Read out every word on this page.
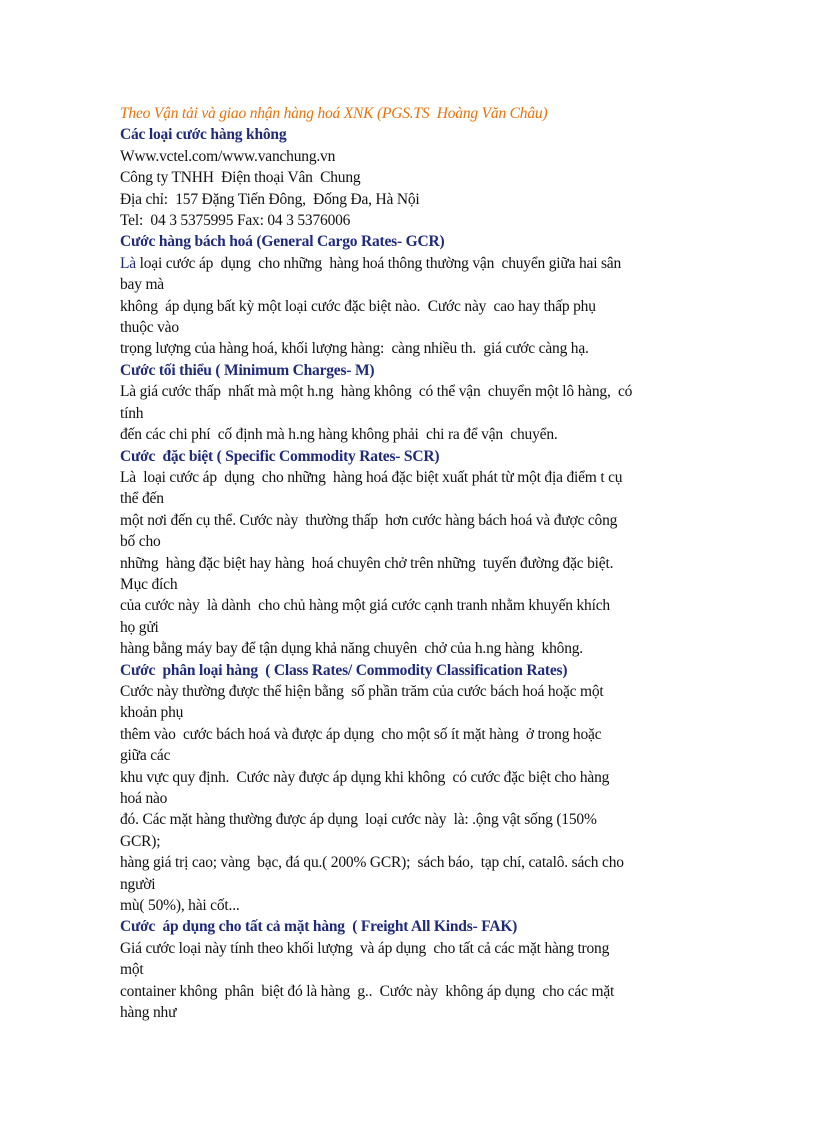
Theo Vận tải và giao nhận hàng hoá XNK (PGS.TS  Hoàng Văn Châu)
Các loại cước hàng không
Www.vctel.com/www.vanchung.vn
Công ty TNHH  Điện thoại Vân  Chung
Địa chỉ:  157 Đặng Tiến Đông,  Đống Đa, Hà Nội
Tel:  04 3 5375995 Fax: 04 3 5376006
Cước hàng bách hoá (General Cargo Rates- GCR)
Là loại cước áp  dụng  cho những  hàng hoá thông thường vận  chuyển giữa hai sân
bay mà
không  áp dụng bất kỳ một loại cước đặc biệt nào.  Cước này  cao hay thấp phụ
thuộc vào
trọng lượng của hàng hoá, khối lượng hàng:  càng nhiều th.  giá cước càng hạ.
Cước tối thiểu ( Minimum Charges- M)
Là giá cước thấp  nhất mà một h.ng  hàng không  có thể vận  chuyển một lô hàng,  có
tính
đến các chi phí  cố định mà h.ng hàng không phải  chi ra để vận  chuyển.
Cước  đặc biệt ( Specific Commodity Rates- SCR)
Là  loại cước áp  dụng  cho những  hàng hoá đặc biệt xuất phát từ một địa điểm t cụ
thể đến
một nơi đến cụ thể. Cước này  thường thấp  hơn cước hàng bách hoá và được công
bố cho
những  hàng đặc biệt hay hàng  hoá chuyên chở trên những  tuyến đường đặc biệt.
Mục đích
của cước này  là dành  cho chủ hàng một giá cước cạnh tranh nhằm khuyến khích
họ gửi
hàng bằng máy bay để tận dụng khả năng chuyên  chở của h.ng hàng  không.
Cước  phân loại hàng  ( Class Rates/ Commodity Classification Rates)
Cước này thường được thể hiện bằng  số phần trăm của cước bách hoá hoặc một
khoản phụ
thêm vào  cước bách hoá và được áp dụng  cho một số ít mặt hàng  ở trong hoặc
giữa các
khu vực quy định.  Cước này được áp dụng khi không  có cước đặc biệt cho hàng
hoá nào
đó. Các mặt hàng thường được áp dụng  loại cước này  là: .ộng vật sống (150%
GCR);
hàng giá trị cao; vàng  bạc, đá qu.( 200% GCR);  sách báo,  tạp chí, catalô. sách cho
người
mù( 50%), hài cốt...
Cước  áp dụng cho tất cả mặt hàng  ( Freight All Kinds- FAK)
Giá cước loại này tính theo khối lượng  và áp dụng  cho tất cả các mặt hàng trong
một
container không  phân  biệt đó là hàng  g..  Cước này  không áp dụng  cho các mặt
hàng như
